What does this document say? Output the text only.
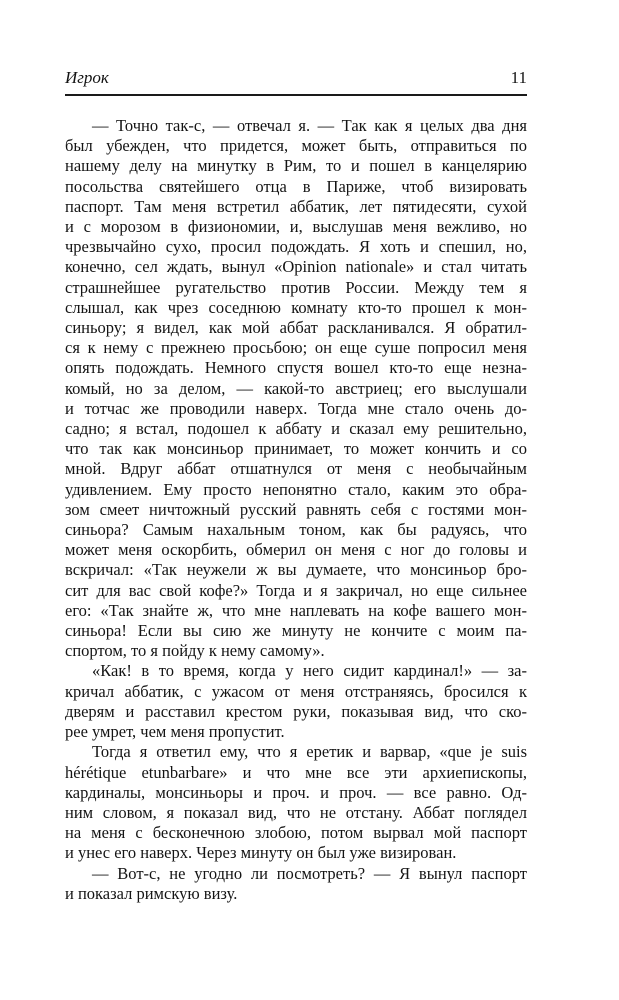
Игрок	11

— Точно так-с, — отвечал я. — Так как я целых два дня
был убежден, что придется, может быть, отправиться по
нашему делу на минутку в Рим, то и пошел в канцелярию
посольства святейшего отца в Париже, чтоб визировать
паспорт. Там меня встретил аббатик, лет пятидесяти, сухой
и с морозом в физиономии, и, выслушав меня вежливо, но
чрезвычайно сухо, просил подождать. Я хоть и спешил, но,
конечно, сел ждать, вынул «Opinion nationale» и стал читать
страшнейшее ругательство против России. Между тем я
слышал, как чрез соседнюю комнату кто-то прошел к мон-
синьору; я видел, как мой аббат раскланивался. Я обратил-
ся к нему с прежнею просьбою; он еще суше попросил меня
опять подождать. Немного спустя вошел кто-то еще незна-
комый, но за делом, — какой-то австриец; его выслушали
и тотчас же проводили наверх. Тогда мне стало очень до-
садно; я встал, подошел к аббату и сказал ему решительно,
что так как монсиньор принимает, то может кончить и со
мной. Вдруг аббат отшатнулся от меня с необычайным
удивлением. Ему просто непонятно стало, каким это обра-
зом смеет ничтожный русский равнять себя с гостями мон-
синьора? Самым нахальным тоном, как бы радуясь, что
может меня оскорбить, обмерил он меня с ног до головы и
вскричал: «Так неужели ж вы думаете, что монсиньор бро-
сит для вас свой кофе?» Тогда и я закричал, но еще сильнее
его: «Так знайте ж, что мне наплевать на кофе вашего мон-
синьора! Если вы сию же минуту не кончите с моим па-
спортом, то я пойду к нему самому».

«Как! в то время, когда у него сидит кардинал!» — за-
кричал аббатик, с ужасом от меня отстраняясь, бросился к
дверям и расставил крестом руки, показывая вид, что ско-
рее умрет, чем меня пропустит.

Тогда я ответил ему, что я еретик и варвар, «que je suis
hérétique etunbarbare» и что мне все эти архиепископы,
кардиналы, монсиньоры и проч. и проч. — все равно. Од-
ним словом, я показал вид, что не отстану. Аббат поглядел
на меня с бесконечною злобою, потом вырвал мой паспорт
и унес его наверх. Через минуту он был уже визирован.

— Вот-с, не угодно ли посмотреть? — Я вынул паспорт
и показал римскую визу.
